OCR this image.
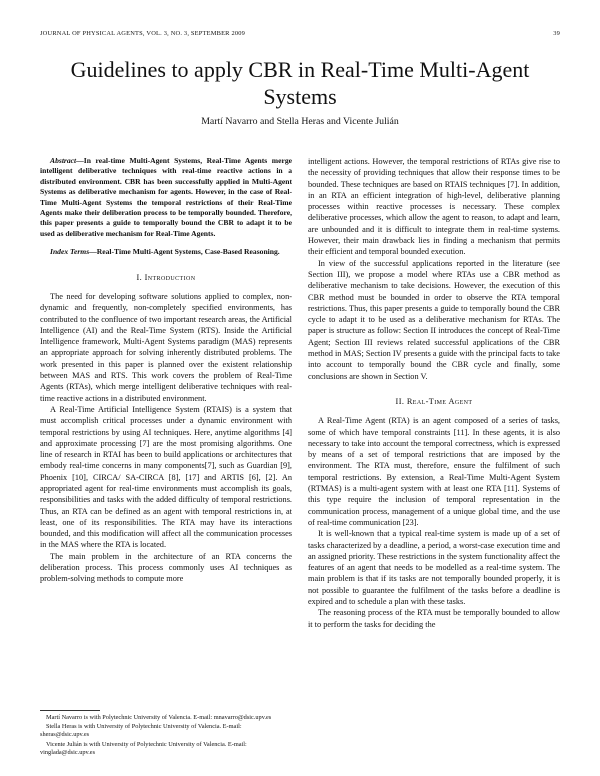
JOURNAL OF PHYSICAL AGENTS, VOL. 3, NO. 3, SEPTEMBER 2009	39
Guidelines to apply CBR in Real-Time Multi-Agent Systems
Martí Navarro and Stella Heras and Vicente Julián

Abstract—In real-time Multi-Agent Systems, Real-Time Agents merge intelligent deliberative techniques with real-time reactive actions in a distributed environment. CBR has been successfully applied in Multi-Agent Systems as deliberative mechanism for agents. However, in the case of Real-Time Multi-Agent Systems the temporal restrictions of their Real-Time Agents make their deliberation process to be temporally bounded. Therefore, this paper presents a guide to temporally bound the CBR to adapt it to be used as deliberative mechanism for Real-Time Agents.

Index Terms—Real-Time Multi-Agent Systems, Case-Based Reasoning.

I. Introduction

The need for developing software solutions applied to complex, non-dynamic and frequently, non-completely specified environments, has contributed to the confluence of two important research areas, the Artificial Intelligence (AI) and the Real-Time System (RTS). Inside the Artificial Intelligence framework, Multi-Agent Systems paradigm (MAS) represents an appropriate approach for solving inherently distributed problems. The work presented in this paper is planned over the existent relationship between MAS and RTS. This work covers the problem of Real-Time Agents (RTAs), which merge intelligent deliberative techniques with real-time reactive actions in a distributed environment.

A Real-Time Artificial Intelligence System (RTAIS) is a system that must accomplish critical processes under a dynamic environment with temporal restrictions by using AI techniques. Here, anytime algorithms [4] and approximate processing [7] are the most promising algorithms. One line of research in RTAI has been to build applications or architectures that embody real-time concerns in many components[7], such as Guardian [9], Phoenix [10], CIRCA/ SA-CIRCA [8], [17] and ARTIS [6], [2]. An appropriated agent for real-time environments must accomplish its goals, responsibilities and tasks with the added difficulty of temporal restrictions. Thus, an RTA can be defined as an agent with temporal restrictions in, at least, one of its responsibilities. The RTA may have its interactions bounded, and this modification will affect all the communication processes in the MAS where the RTA is located.

The main problem in the architecture of an RTA concerns the deliberation process. This process commonly uses AI techniques as problem-solving methods to compute more

intelligent actions. However, the temporal restrictions of RTAs give rise to the necessity of providing techniques that allow their response times to be bounded. These techniques are based on RTAIS techniques [7]. In addition, in an RTA an efficient integration of high-level, deliberative planning processes within reactive processes is necessary. These complex deliberative processes, which allow the agent to reason, to adapt and learn, are unbounded and it is difficult to integrate them in real-time systems. However, their main drawback lies in finding a mechanism that permits their efficient and temporal bounded execution.

In view of the successful applications reported in the literature (see Section III), we propose a model where RTAs use a CBR method as deliberative mechanism to take decisions. However, the execution of this CBR method must be bounded in order to observe the RTA temporal restrictions. Thus, this paper presents a guide to temporally bound the CBR cycle to adapt it to be used as a deliberative mechanism for RTAs. The paper is structure as follow: Section II introduces the concept of Real-Time Agent; Section III reviews related successful applications of the CBR method in MAS; Section IV presents a guide with the principal facts to take into account to temporally bound the CBR cycle and finally, some conclusions are shown in Section V.

II. Real-Time Agent

A Real-Time Agent (RTA) is an agent composed of a series of tasks, some of which have temporal constraints [11]. In these agents, it is also necessary to take into account the temporal correctness, which is expressed by means of a set of temporal restrictions that are imposed by the environment. The RTA must, therefore, ensure the fulfilment of such temporal restrictions. By extension, a Real-Time Multi-Agent System (RTMAS) is a multi-agent system with at least one RTA [11]. Systems of this type require the inclusion of temporal representation in the communication process, management of a unique global time, and the use of real-time communication [23].

It is well-known that a typical real-time system is made up of a set of tasks characterized by a deadline, a period, a worst-case execution time and an assigned priority. These restrictions in the system functionality affect the features of an agent that needs to be modelled as a real-time system. The main problem is that if its tasks are not temporally bounded properly, it is not possible to guarantee the fulfilment of the tasks before a deadline is expired and to schedule a plan with these tasks.

The reasoning process of the RTA must be temporally bounded to allow it to perform the tasks for deciding the

Martí Navarro is with Polytechnic University of Valencia. E-mail: mnavarro@dsic.upv.es

Stella Heras is with University of Polytechnic University of Valencia. E-mail: sheras@dsic.upv.es

Vicente Julián is with University of Polytechnic University of Valencia. E-mail: vinglada@dsic.upv.es
